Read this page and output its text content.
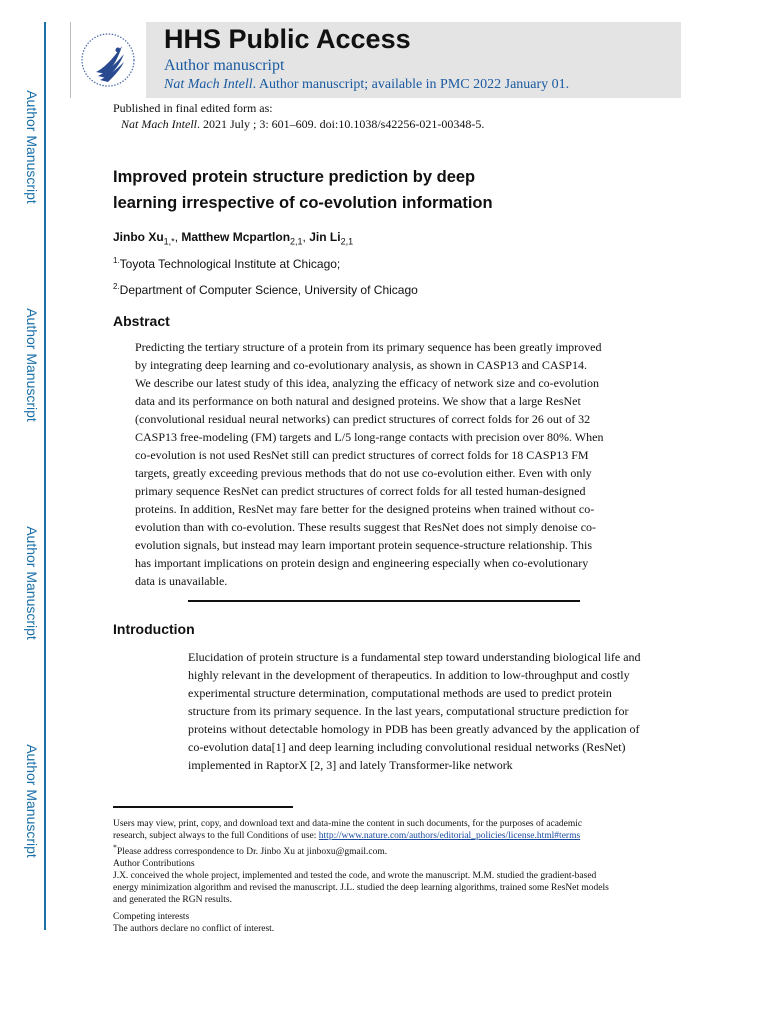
Author Manuscript
Author Manuscript
Author Manuscript
Author Manuscript
HHS Public Access
Author manuscript
Nat Mach Intell. Author manuscript; available in PMC 2022 January 01.
Published in final edited form as:
Nat Mach Intell. 2021 July ; 3: 601–609. doi:10.1038/s42256-021-00348-5.
Improved protein structure prediction by deep
learning irrespective of co-evolution information
Jinbo $Xu_{1,*}$, Matthew Mcpartlon$_{2,1}$, Jin $Li_{2,1}$
$^{1.}$Toyota Technological Institute at Chicago;
$^{2.}$Department of Computer Science, University of Chicago
Abstract
Predicting the tertiary structure of a protein from its primary sequence has been greatly improved
by integrating deep learning and co-evolutionary analysis, as shown in CASP13 and CASP14.
We describe our latest study of this idea, analyzing the efficacy of network size and co-evolution
data and its performance on both natural and designed proteins. We show that a large ResNet
(convolutional residual neural networks) can predict structures of correct folds for 26 out of 32
CASP13 free-modeling (FM) targets and L/5 long-range contacts with precision over 80%. When
co-evolution is not used ResNet still can predict structures of correct folds for 18 CASP13 FM
targets, greatly exceeding previous methods that do not use co-evolution either. Even with only
primary sequence ResNet can predict structures of correct folds for all tested human-designed
proteins. In addition, ResNet may fare better for the designed proteins when trained without co-
evolution than with co-evolution. These results suggest that ResNet does not simply denoise co-
evolution signals, but instead may learn important protein sequence-structure relationship. This
has important implications on protein design and engineering especially when co-evolutionary
data is unavailable.
Introduction
Elucidation of protein structure is a fundamental step toward understanding biological life and
highly relevant in the development of therapeutics. In addition to low-throughput and costly
experimental structure determination, computational methods are used to predict protein
structure from its primary sequence. In the last years, computational structure prediction for
proteins without detectable homology in PDB has been greatly advanced by the application of
co-evolution data[1] and deep learning including convolutional residual networks (ResNet)
implemented in RaptorX [2, 3] and lately Transformer-like network
Users may view, print, copy, and download text and data-mine the content in such documents, for the purposes of academic
research, subject always to the full Conditions of use: http://www.nature.com/authors/editorial_policies/license.html#terms
*Please address correspondence to Dr. Jinbo Xu at jinboxu@gmail.com.
Author Contributions
J.X. conceived the whole project, implemented and tested the code, and wrote the manuscript. M.M. studied the gradient-based
energy minimization algorithm and revised the manuscript. J.L. studied the deep learning algorithms, trained some ResNet models
and generated the RGN results.
Competing interests
The authors declare no conflict of interest.
